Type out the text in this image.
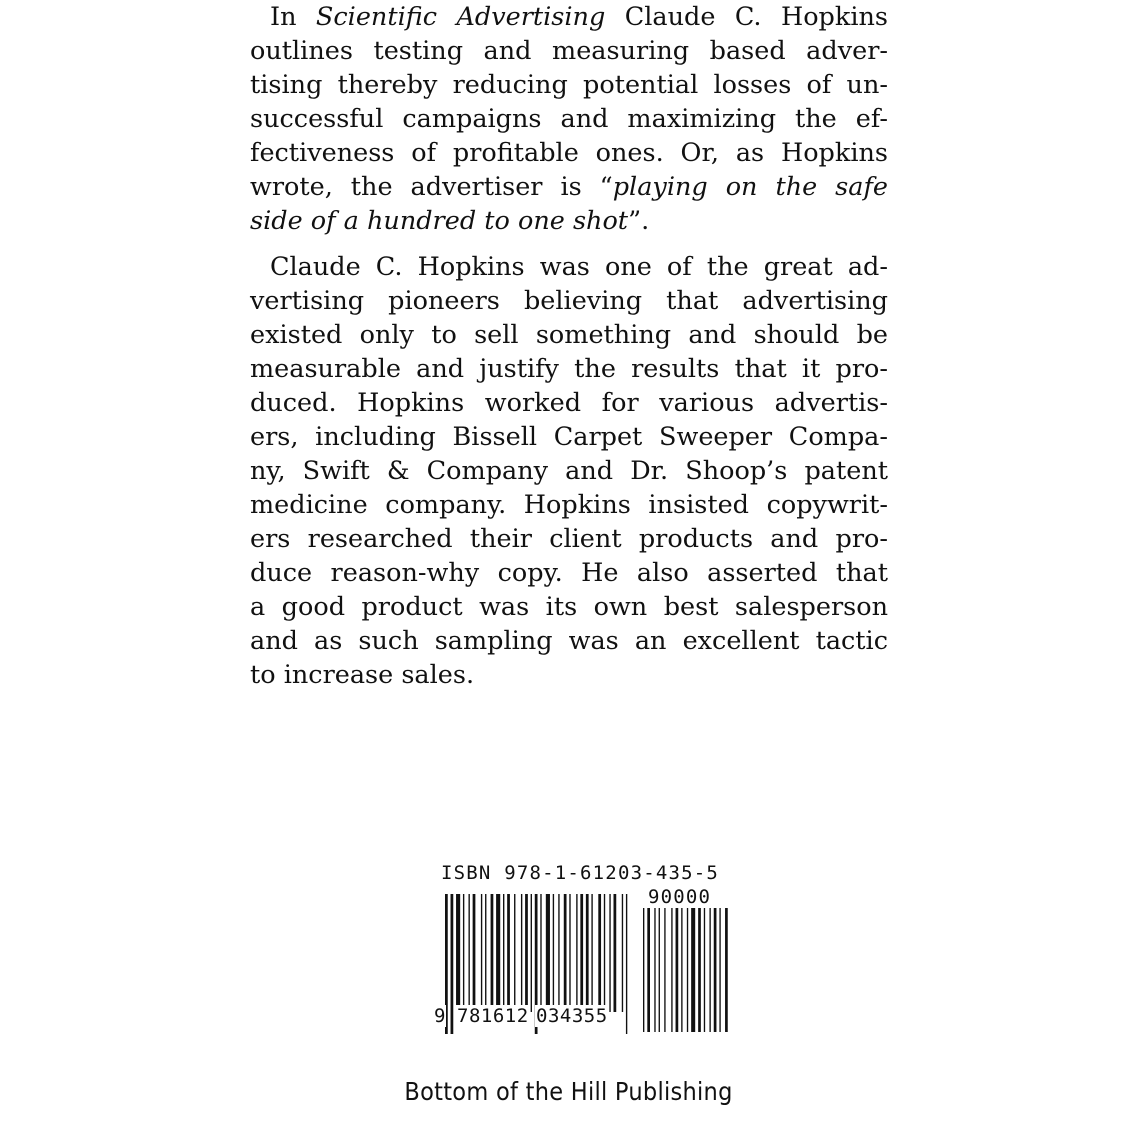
In Scientific Advertising Claude C. Hopkins
outlines testing and measuring based adver-
tising thereby reducing potential losses of un-
successful campaigns and maximizing the ef-
fectiveness of profitable ones. Or, as Hopkins
wrote, the advertiser is “playing on the safe
side of a hundred to one shot”.
Claude C. Hopkins was one of the great ad-
vertising pioneers believing that advertising
existed only to sell something and should be
measurable and justify the results that it pro-
duced. Hopkins worked for various advertis-
ers, including Bissell Carpet Sweeper Compa-
ny, Swift & Company and Dr. Shoop’s patent
medicine company. Hopkins insisted copywrit-
ers researched their client products and pro-
duce reason-why copy. He also asserted that
a good product was its own best salesperson
and as such sampling was an excellent tactic
to increase sales.
ISBN 978-1-61203-435-5
90000
9 781612 034355
Bottom of the Hill Publishing
